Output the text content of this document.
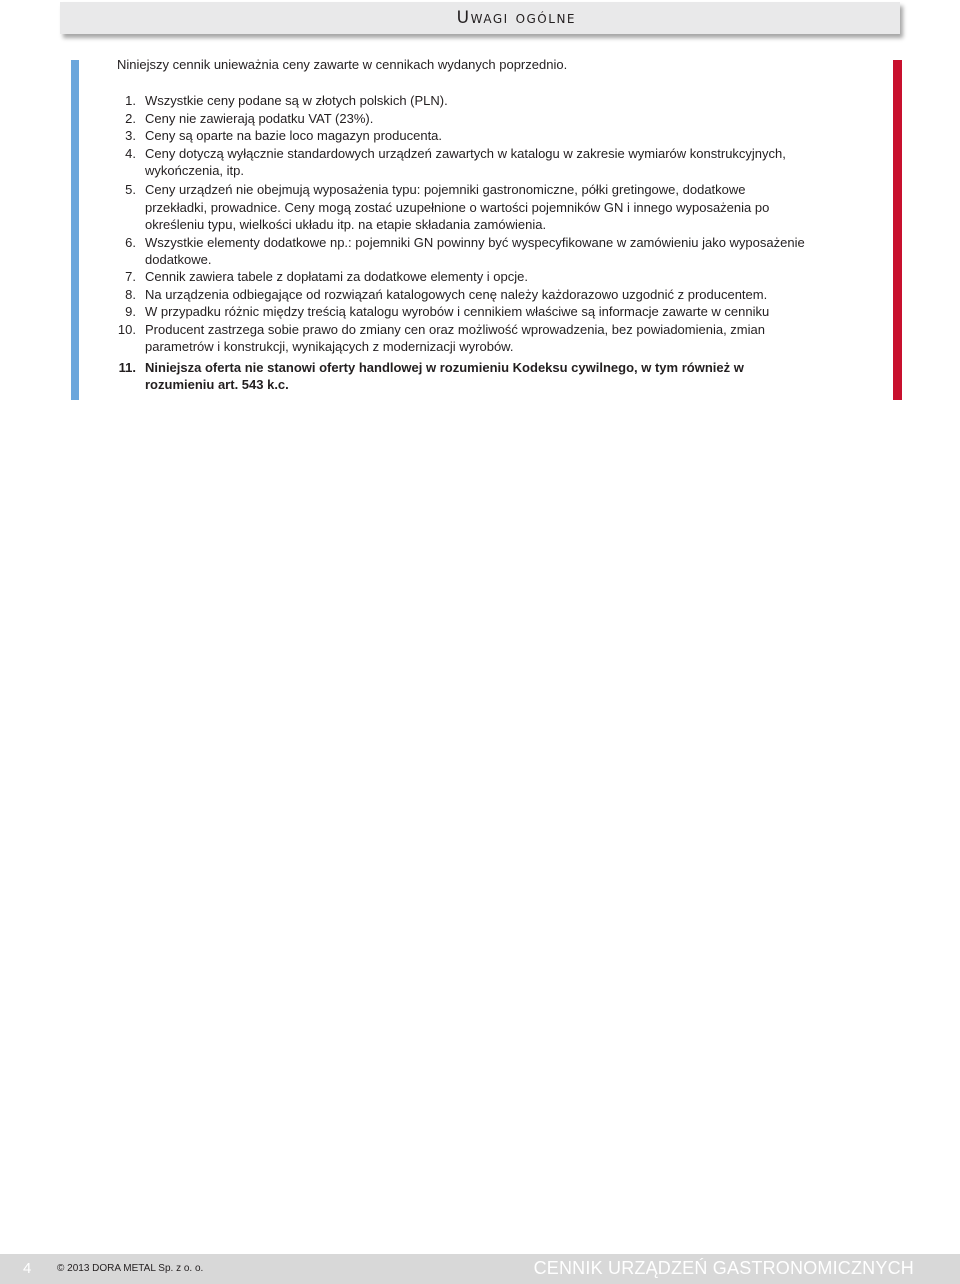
Uwagi ogólne

Niniejszy cennik unieważnia ceny zawarte w cennikach wydanych poprzednio.

1. Wszystkie ceny podane są w złotych polskich (PLN).
2. Ceny nie zawierają podatku VAT (23%).
3. Ceny są oparte na bazie loco magazyn producenta.
4. Ceny dotyczą wyłącznie standardowych urządzeń zawartych w katalogu w zakresie wymiarów konstrukcyjnych, wykończenia, itp.
5. Ceny urządzeń nie obejmują wyposażenia typu: pojemniki gastronomiczne, półki gretingowe, dodatkowe przekładki, prowadnice. Ceny mogą zostać uzupełnione o wartości pojemników GN i innego wyposażenia po określeniu typu, wielkości układu itp. na etapie składania zamówienia.
6. Wszystkie elementy dodatkowe np.: pojemniki GN powinny być wyspecyfikowane w zamówieniu jako wyposażenie dodatkowe.
7. Cennik zawiera tabele z dopłatami za dodatkowe elementy i opcje.
8. Na urządzenia odbiegające od rozwiązań katalogowych cenę należy każdorazowo uzgodnić z producentem.
9. W przypadku różnic między treścią katalogu wyrobów i cennikiem właściwe są informacje zawarte w cenniku
10. Producent zastrzega sobie prawo do zmiany cen oraz możliwość wprowadzenia, bez powiadomienia, zmian parametrów i konstrukcji, wynikających z modernizacji wyrobów.
11. Niniejsza oferta nie stanowi oferty handlowej w rozumieniu Kodeksu cywilnego, w tym również w rozumieniu art. 543 k.c.
4	© 2013 DORA METAL Sp. z o. o.	CENNIK URZĄDZEŃ GASTRONOMICZNYCH
